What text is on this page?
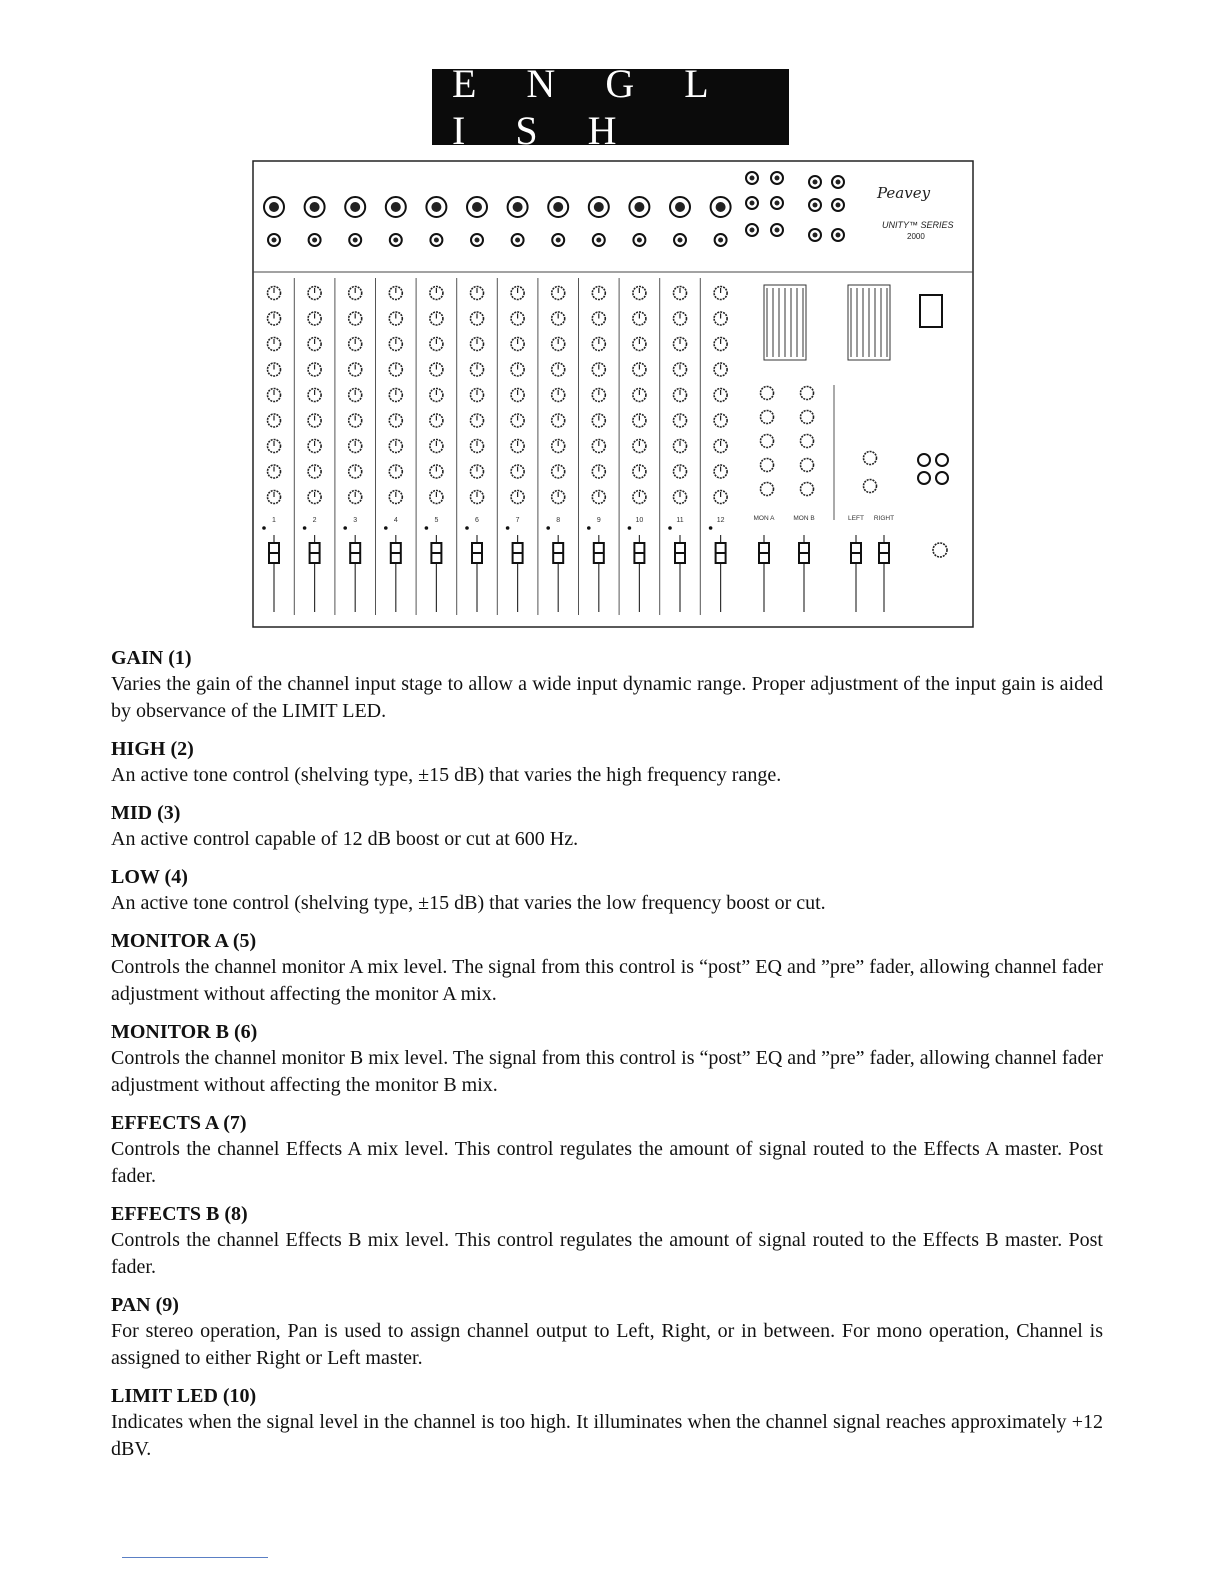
E N G L I S H
1	2	3	4	5	6	7	8	9	10	11	12	MON A	MON B	LEFT RIGHT
Peavey
UNITY™ SERIES
2000
GAIN (1)

Varies the gain of the channel input stage to allow a wide input dynamic range. Proper adjustment of the input gain is aided by observance of the LIMIT LED.

HIGH (2)

An active tone control (shelving type, ±15 dB) that varies the high frequency range.

MID (3)

An active control capable of 12 dB boost or cut at 600 Hz.

LOW (4)

An active tone control (shelving type, ±15 dB) that varies the low frequency boost or cut.

MONITOR A (5)

Controls the channel monitor A mix level. The signal from this control is “post” EQ and ”pre” fader, allowing channel fader adjustment without affecting the monitor A mix.

MONITOR B (6)

Controls the channel monitor B mix level. The signal from this control is “post” EQ and ”pre” fader, allowing channel fader adjustment without affecting the monitor B mix.

EFFECTS A (7)

Controls the channel Effects A mix level. This control regulates the amount of signal routed to the Effects A master. Post fader.

EFFECTS B (8)

Controls the channel Effects B mix level. This control regulates the amount of signal routed to the Effects B master. Post fader.

PAN (9)

For stereo operation, Pan is used to assign channel output to Left, Right, or in between. For mono operation, Channel is assigned to either Right or Left master.

LIMIT LED (10)

Indicates when the signal level in the channel is too high. It illuminates when the channel signal reaches approximately +12 dBV.
